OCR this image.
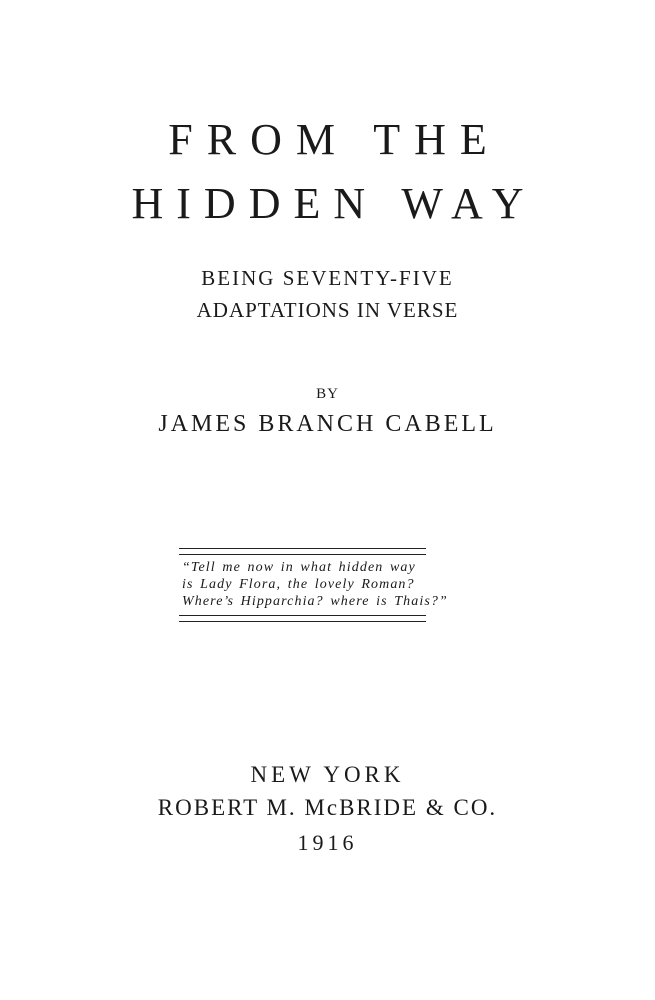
FROM THE
HIDDEN WAY
BEING SEVENTY-FIVE
ADAPTATIONS IN VERSE
BY
JAMES BRANCH CABELL
“Tell me now in what hidden way
is Lady Flora, the lovely Roman?
Where’s Hipparchia? where is Thais?”
NEW YORK
ROBERT M. McBRIDE & CO.
1916
